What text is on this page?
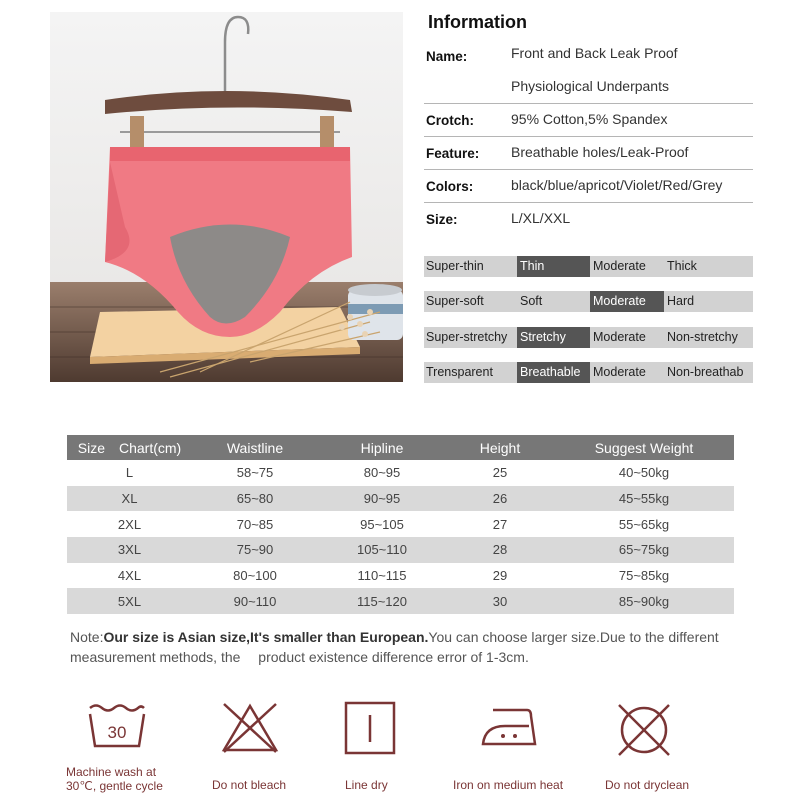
Information
Name:	Front and Back Leak Proof
Physiological Underpants
Crotch:	95% Cotton,5% Spandex
Feature: Breathable holes/Leak-Proof
Colors:	black/blue/apricot/Violet/Red/Grey
Size:	L/XL/XXL
Super-thin	Thin	Moderate	Thick
Super-soft	Soft	Moderate	Hard
Super-stretchy	Stretchy	Moderate	Non-stretchy
Trensparent	Breathable	Moderate	Non-breathab
Size　Chart(cm)	Waistline	Hipline	Height	Suggest Weight
L	58~75	80~95	25	40~50kg
XL	65~80	90~95	26	45~55kg
2XL	70~85	95~105	27	55~65kg
3XL	75~90	105~110	28	65~75kg
4XL	80~100	110~115	29	75~85kg
5XL	90~110	115~120	30	85~90kg
Note:Our size is Asian size,It's smaller than European.You can choose larger size.Due to the different measurement methods, the 　product existence difference error of 1-3cm.
30
Machine wash at
30℃, gentle cycle	Do not bleach	Line dry	Iron on medium heat	Do not dryclean
